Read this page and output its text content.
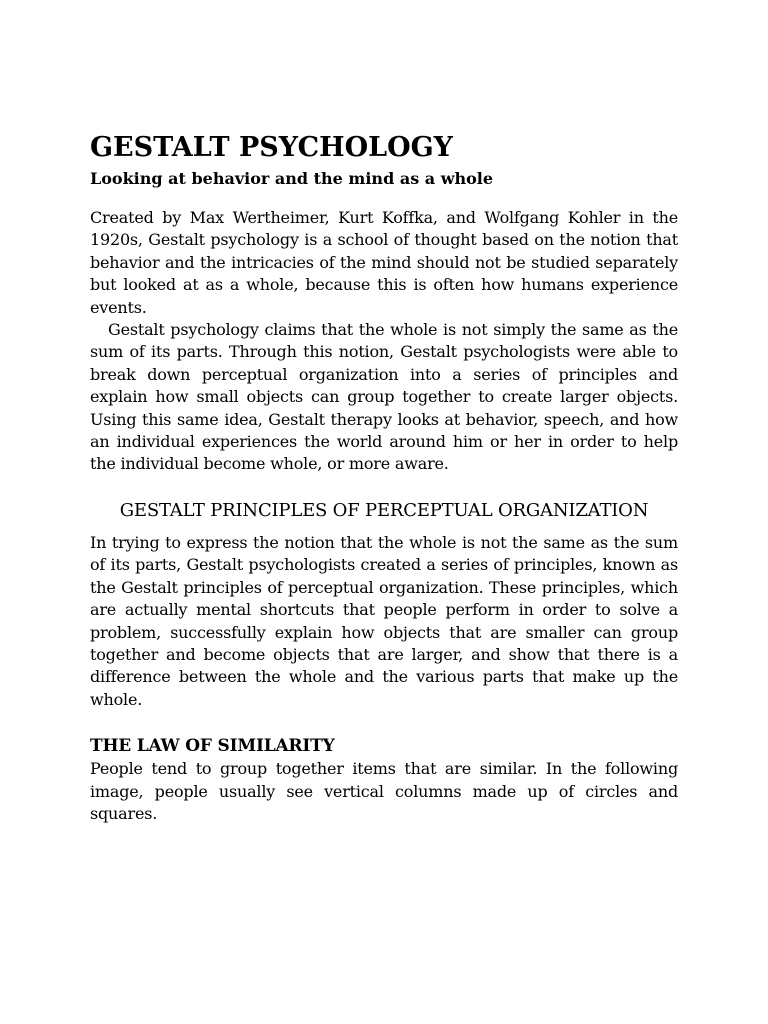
GESTALT PSYCHOLOGY

Looking at behavior and the mind as a whole

Created by Max Wertheimer, Kurt Koffka, and Wolfgang Kohler in the 1920s, Gestalt psychology is a school of thought based on the notion that behavior and the intricacies of the mind should not be studied separately but looked at as a whole, because this is often how humans experience events.

Gestalt psychology claims that the whole is not simply the same as the sum of its parts. Through this notion, Gestalt psychologists were able to break down perceptual organization into a series of principles and explain how small objects can group together to create larger objects. Using this same idea, Gestalt therapy looks at behavior, speech, and how an individual experiences the world around him or her in order to help the individual become whole, or more aware.

GESTALT PRINCIPLES OF PERCEPTUAL ORGANIZATION

In trying to express the notion that the whole is not the same as the sum of its parts, Gestalt psychologists created a series of principles, known as the Gestalt principles of perceptual organization. These principles, which are actually mental shortcuts that people perform in order to solve a problem, successfully explain how objects that are smaller can group together and become objects that are larger, and show that there is a difference between the whole and the various parts that make up the whole.

THE LAW OF SIMILARITY

People tend to group together items that are similar. In the following image, people usually see vertical columns made up of circles and squares.
